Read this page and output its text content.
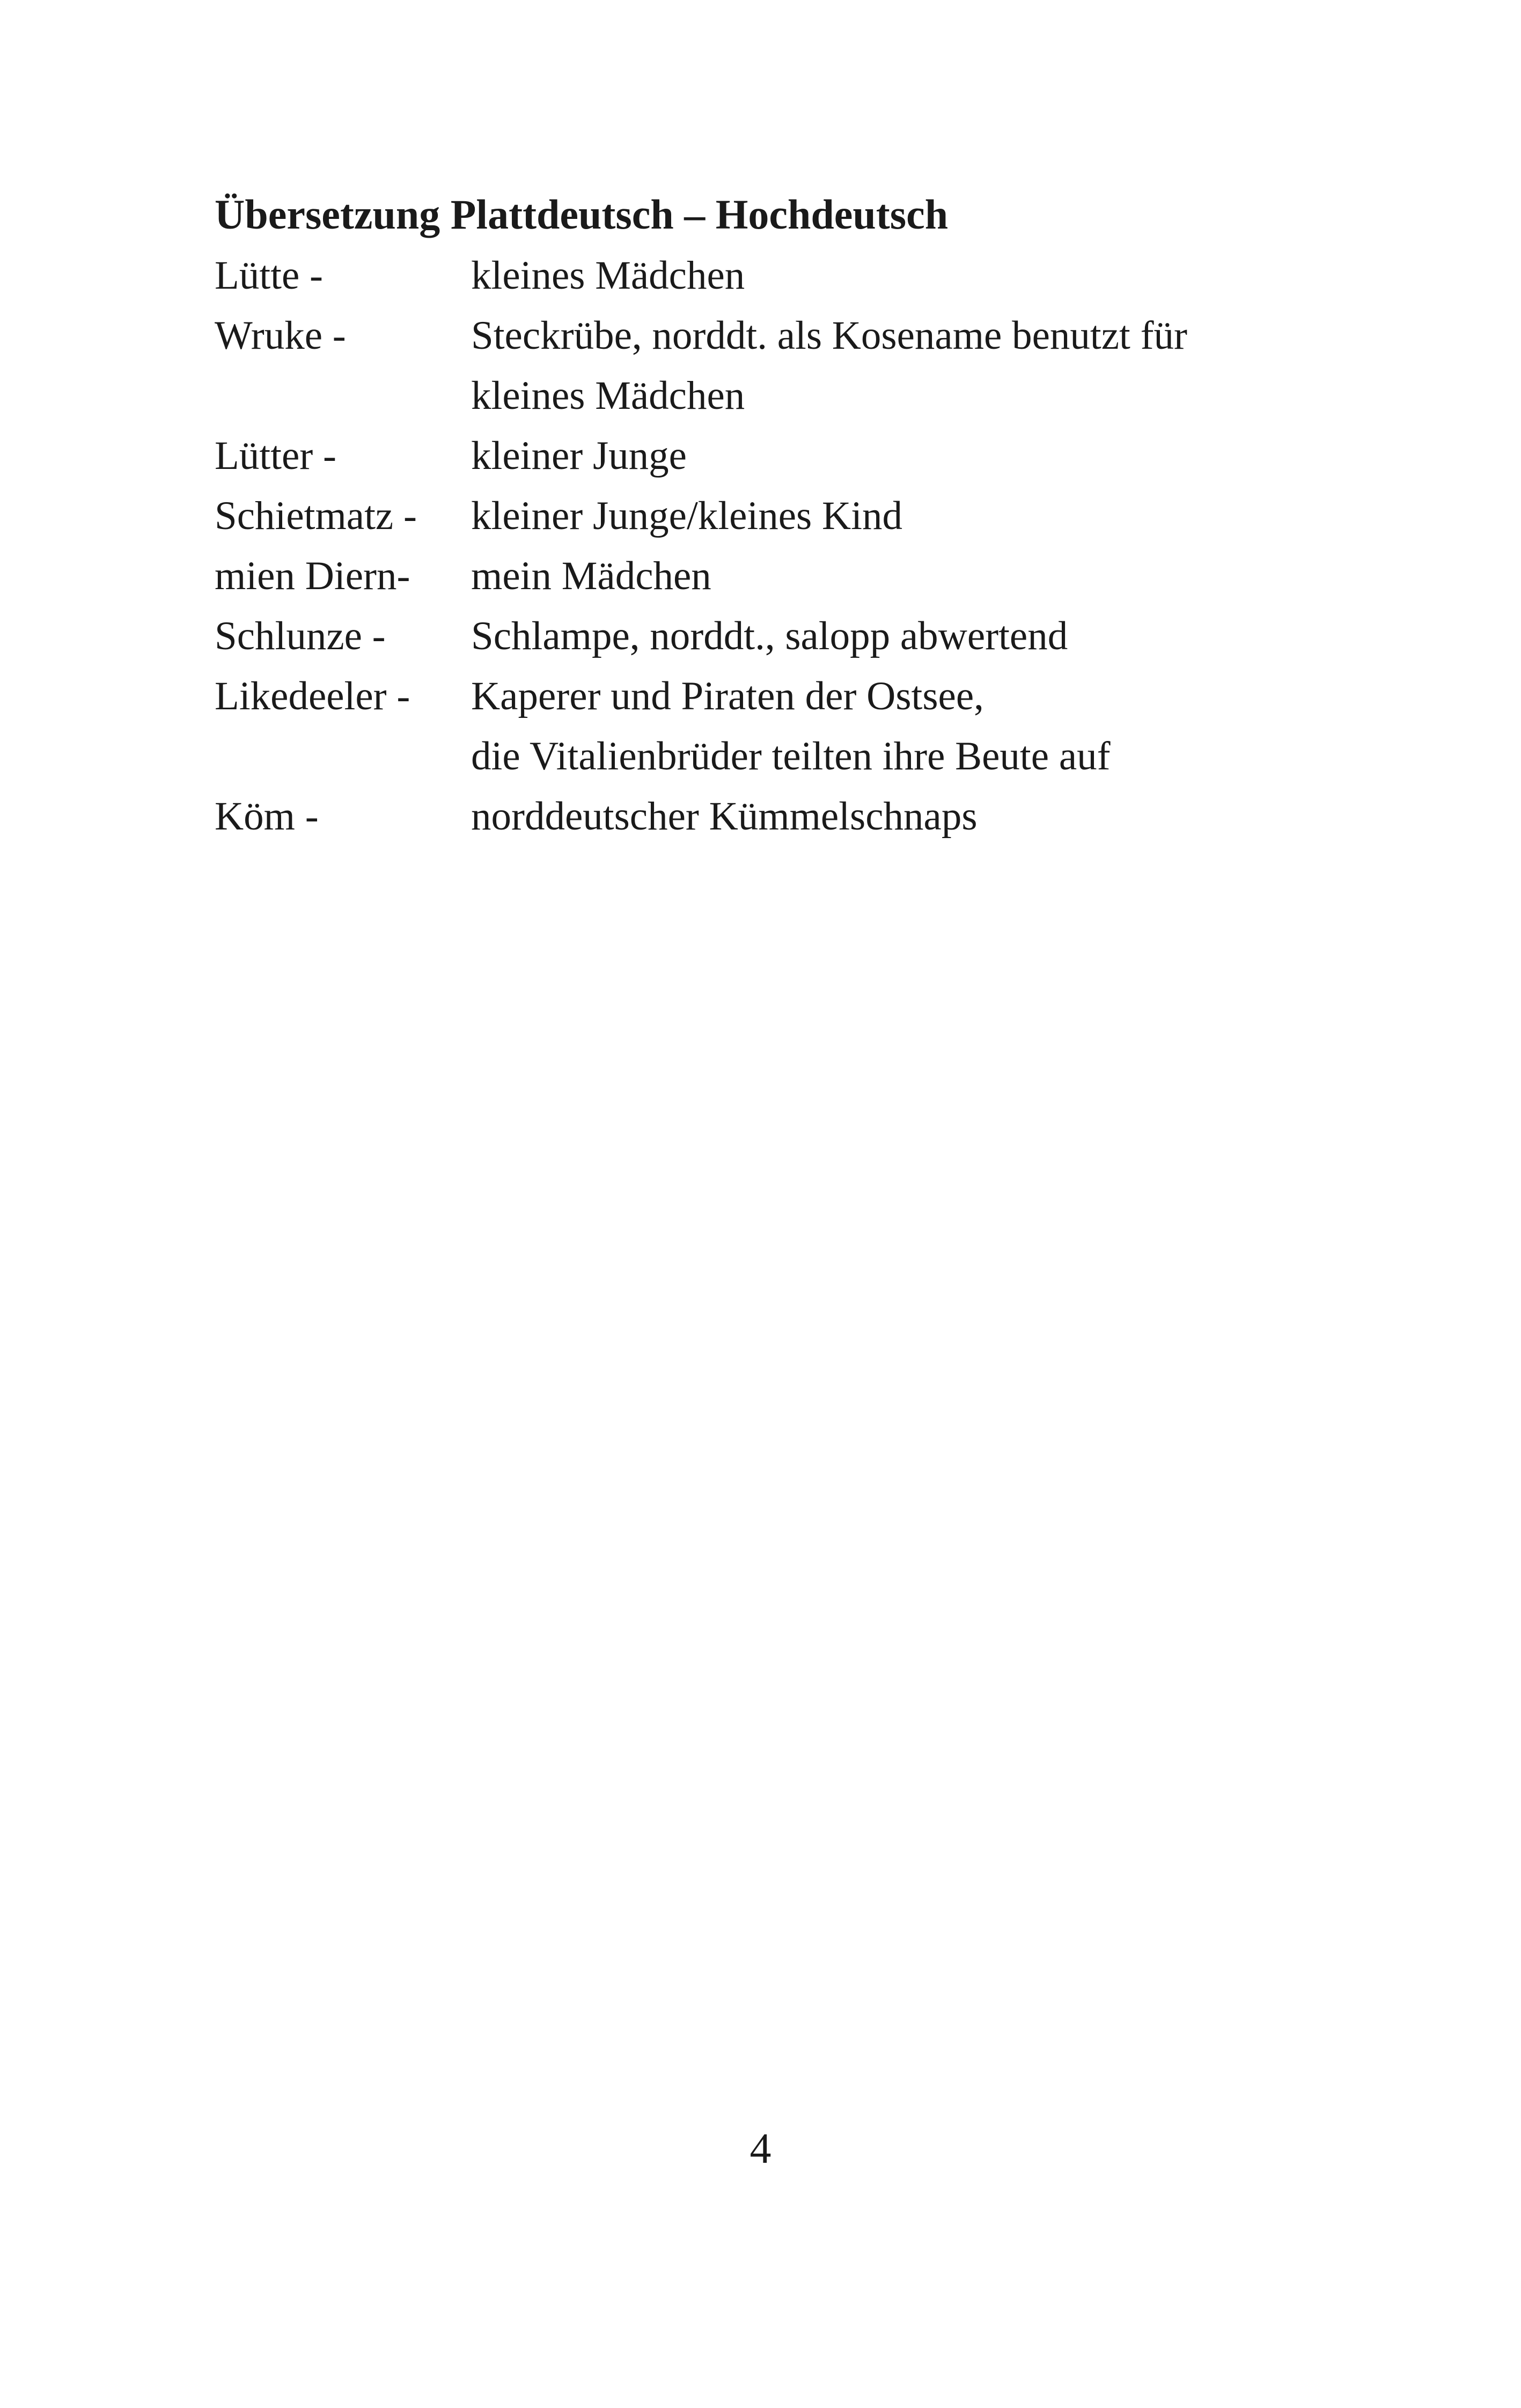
Übersetzung Plattdeutsch – Hochdeutsch
Lütte -	kleines Mädchen
Wruke -	Steckrübe, norddt. als Kosename benutzt für
kleines Mädchen
Lütter -	kleiner Junge
Schietmatz -	kleiner Junge/kleines Kind
mien Diern-	mein Mädchen
Schlunze -	Schlampe, norddt., salopp abwertend
Likedeeler -	Kaperer und Piraten der Ostsee,
die Vitalienbrüder teilten ihre Beute auf
Köm -	norddeutscher Kümmelschnaps
4
